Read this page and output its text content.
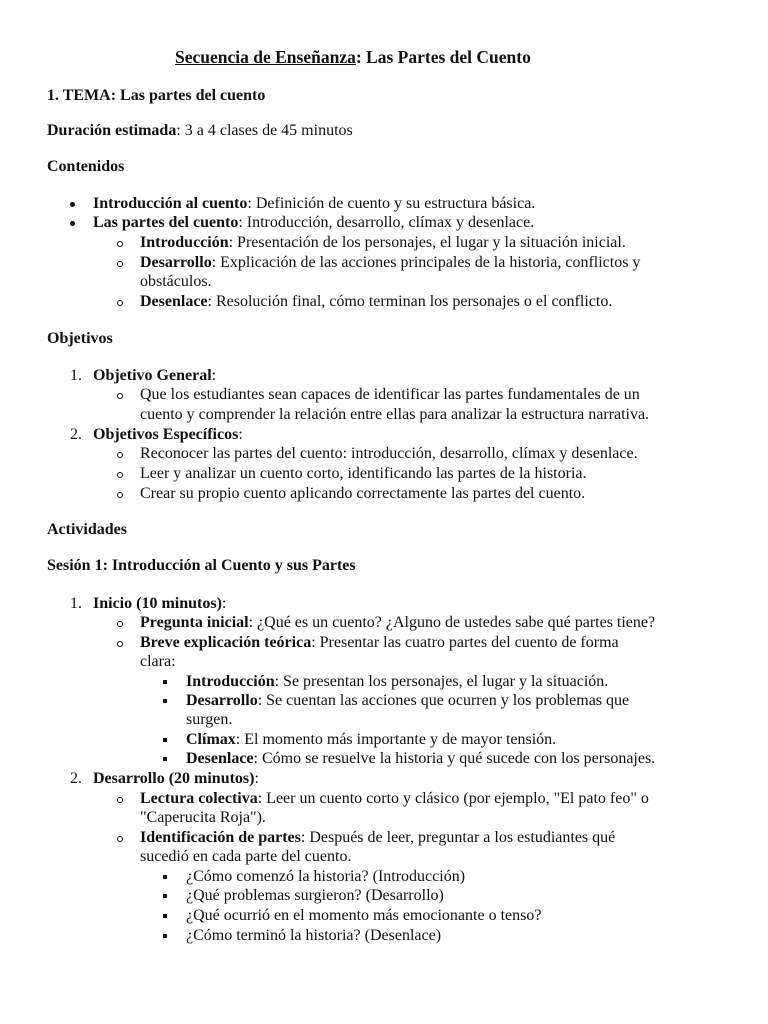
Secuencia de Enseñanza: Las Partes del Cuento
1. TEMA: Las partes del cuento
Duración estimada: 3 a 4 clases de 45 minutos
Contenidos
Introducción al cuento: Definición de cuento y su estructura básica.
Las partes del cuento: Introducción, desarrollo, clímax y desenlace.
Introducción: Presentación de los personajes, el lugar y la situación inicial.
Desarrollo: Explicación de las acciones principales de la historia, conflictos y
obstáculos.
Desenlace: Resolución final, cómo terminan los personajes o el conflicto.
Objetivos
1. Objetivo General:
Que los estudiantes sean capaces de identificar las partes fundamentales de un
cuento y comprender la relación entre ellas para analizar la estructura narrativa.
2. Objetivos Específicos:
Reconocer las partes del cuento: introducción, desarrollo, clímax y desenlace.
Leer y analizar un cuento corto, identificando las partes de la historia.
Crear su propio cuento aplicando correctamente las partes del cuento.
Actividades
Sesión 1: Introducción al Cuento y sus Partes
1. Inicio (10 minutos):
Pregunta inicial: ¿Qué es un cuento? ¿Alguno de ustedes sabe qué partes tiene?
Breve explicación teórica: Presentar las cuatro partes del cuento de forma
clara:
Introducción: Se presentan los personajes, el lugar y la situación.
Desarrollo: Se cuentan las acciones que ocurren y los problemas que
surgen.
Clímax: El momento más importante y de mayor tensión.
Desenlace: Cómo se resuelve la historia y qué sucede con los personajes.
2. Desarrollo (20 minutos):
Lectura colectiva: Leer un cuento corto y clásico (por ejemplo, "El pato feo" o
"Caperucita Roja").
Identificación de partes: Después de leer, preguntar a los estudiantes qué
sucedió en cada parte del cuento.
¿Cómo comenzó la historia? (Introducción)
¿Qué problemas surgieron? (Desarrollo)
¿Qué ocurrió en el momento más emocionante o tenso?
¿Cómo terminó la historia? (Desenlace)
